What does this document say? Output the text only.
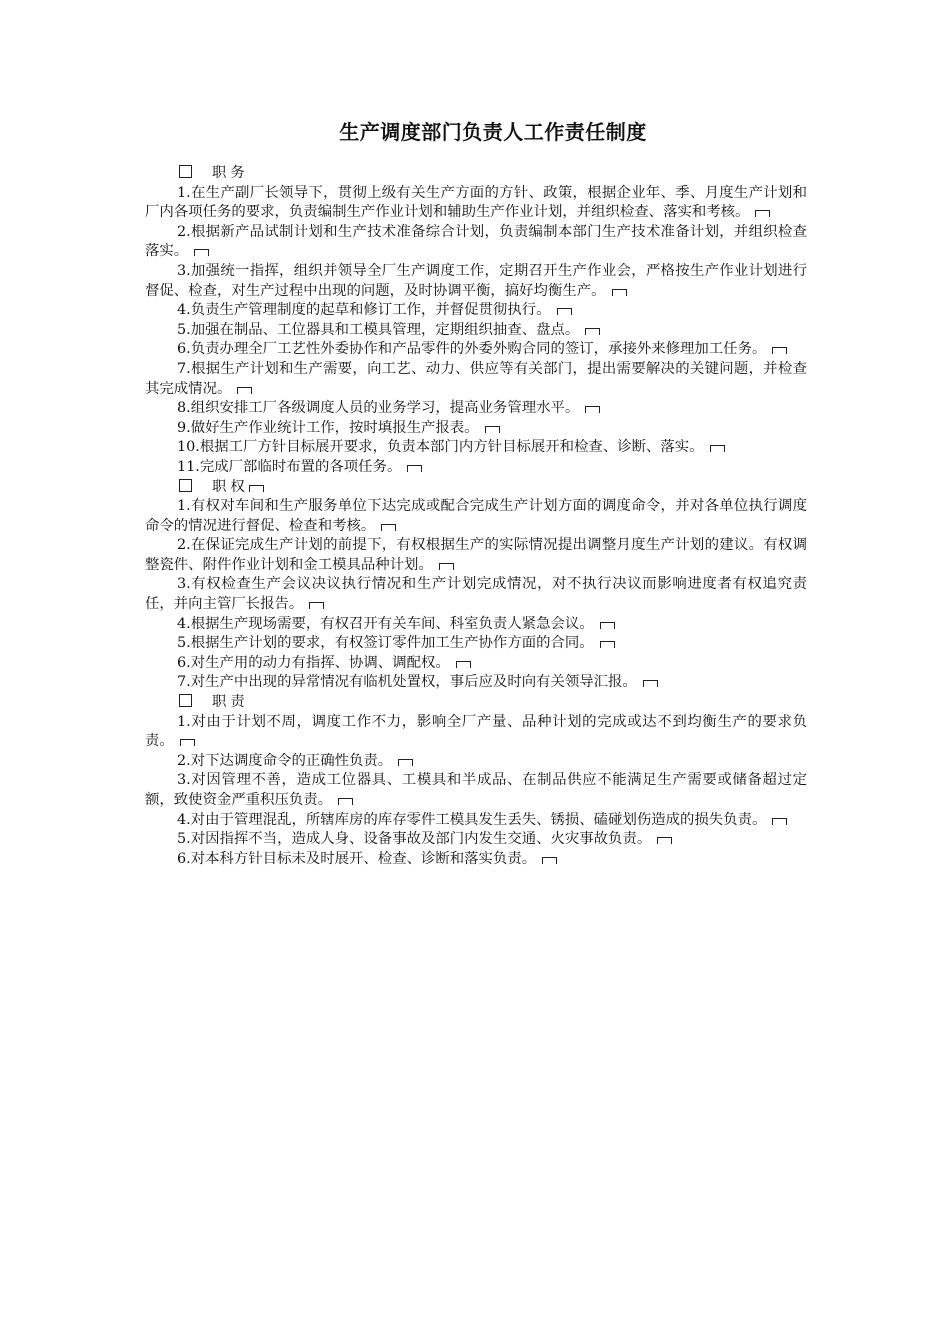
生产调度部门负责人工作责任制度

职务

1.在生产副厂长领导下，贯彻上级有关生产方面的方针、政策，根据企业年、季、月度生产计划和厂内各项任务的要求，负责编制生产作业计划和辅助生产作业计划，并组织检查、落实和考核。

2.根据新产品试制计划和生产技术准备综合计划，负责编制本部门生产技术准备计划，并组织检查落实。

3.加强统一指挥，组织并领导全厂生产调度工作，定期召开生产作业会，严格按生产作业计划进行督促、检查，对生产过程中出现的问题，及时协调平衡，搞好均衡生产。

4.负责生产管理制度的起草和修订工作，并督促贯彻执行。

5.加强在制品、工位器具和工模具管理，定期组织抽查、盘点。

6.负责办理全厂工艺性外委协作和产品零件的外委外购合同的签订，承接外来修理加工任务。

7.根据生产计划和生产需要，向工艺、动力、供应等有关部门，提出需要解决的关键问题，并检查其完成情况。

8.组织安排工厂各级调度人员的业务学习，提高业务管理水平。

9.做好生产作业统计工作，按时填报生产报表。

10.根据工厂方针目标展开要求，负责本部门内方针目标展开和检查、诊断、落实。

11.完成厂部临时布置的各项任务。

职权

1.有权对车间和生产服务单位下达完成或配合完成生产计划方面的调度命令，并对各单位执行调度命令的情况进行督促、检查和考核。

2.在保证完成生产计划的前提下，有权根据生产的实际情况提出调整月度生产计划的建议。有权调整瓷件、附件作业计划和金工模具品种计划。

3.有权检查生产会议决议执行情况和生产计划完成情况，对不执行决议而影响进度者有权追究责任，并向主管厂长报告。

4.根据生产现场需要，有权召开有关车间、科室负责人紧急会议。

5.根据生产计划的要求，有权签订零件加工生产协作方面的合同。

6.对生产用的动力有指挥、协调、调配权。

7.对生产中出现的异常情况有临机处置权，事后应及时向有关领导汇报。

职责

1.对由于计划不周，调度工作不力，影响全厂产量、品种计划的完成或达不到均衡生产的要求负责。

2.对下达调度命令的正确性负责。

3.对因管理不善，造成工位器具、工模具和半成品、在制品供应不能满足生产需要或储备超过定额，致使资金严重积压负责。

4.对由于管理混乱，所辖库房的库存零件工模具发生丢失、锈损、磕碰划伤造成的损失负责。

5.对因指挥不当，造成人身、设备事故及部门内发生交通、火灾事故负责。

6.对本科方针目标未及时展开、检查、诊断和落实负责。
